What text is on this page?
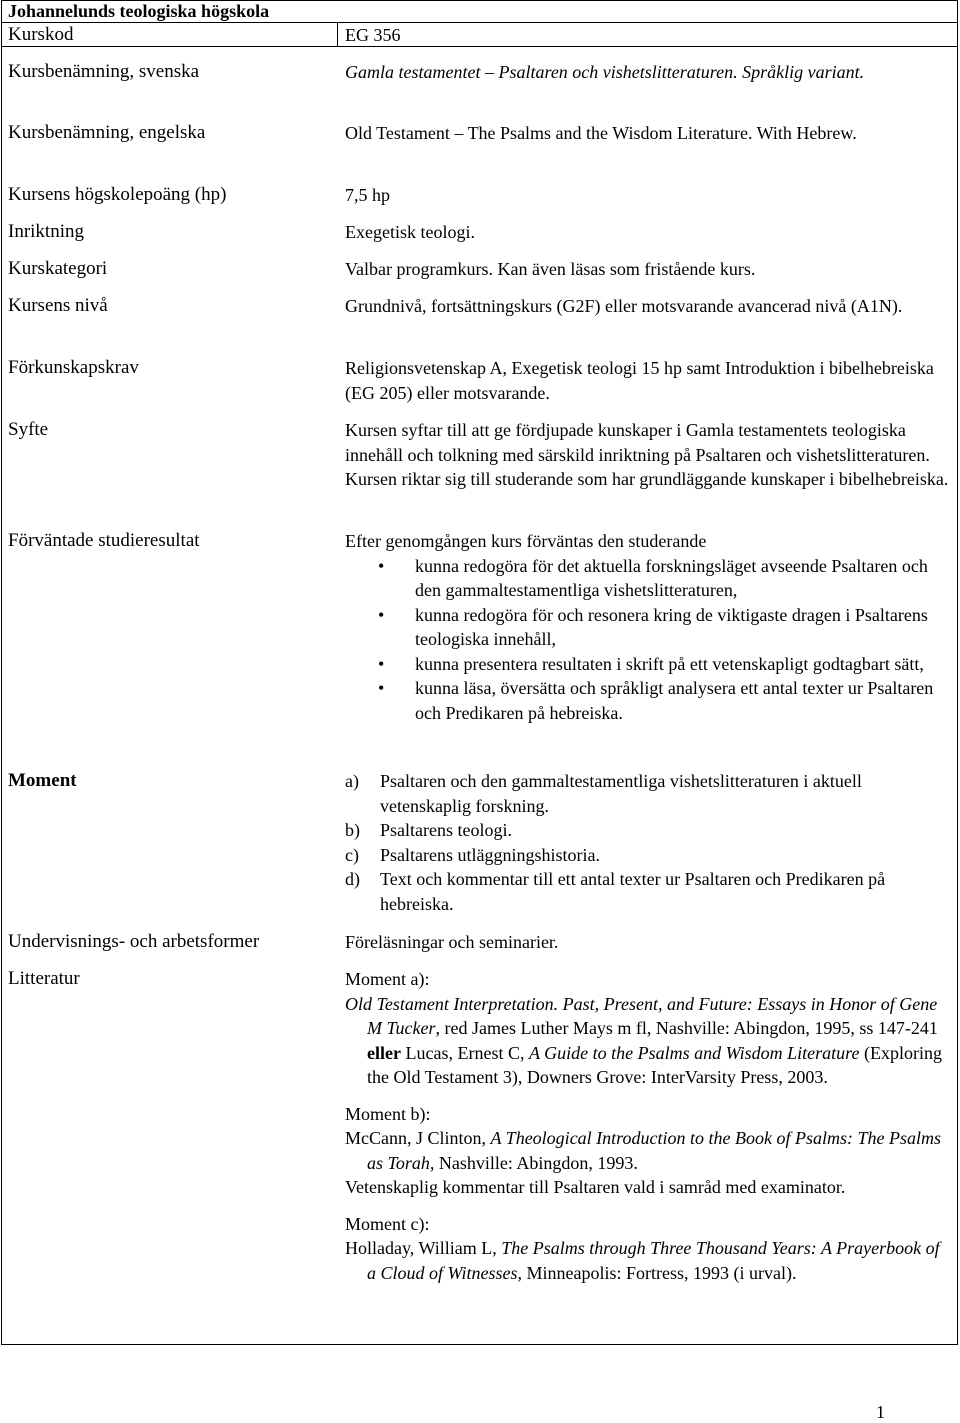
Johannelunds teologiska högskola
Kurskod	EG 356
Kursbenämning, svenska	Gamla testamentet – Psaltaren och vishetslitteraturen. Språklig variant.
Kursbenämning, engelska	Old Testament – The Psalms and the Wisdom Literature. With Hebrew.
Kursens högskolepoäng (hp)	7,5 hp
Inriktning	Exegetisk teologi.
Kurskategori	Valbar programkurs. Kan även läsas som fristående kurs.
Kursens nivå	Grundnivå, fortsättningskurs (G2F) eller motsvarande avancerad nivå (A1N).
Förkunskapskrav	Religionsvetenskap A, Exegetisk teologi 15 hp samt Introduktion i bibelhebreiska (EG 205) eller motsvarande.
Syfte	Kursen syftar till att ge fördjupade kunskaper i Gamla testamentets teologiska innehåll och tolkning med särskild inriktning på Psaltaren och vishetslitteraturen. Kursen riktar sig till studerande som har grundläggande kunskaper i bibelhebreiska.
Förväntade studieresultat	Efter genomgången kurs förväntas den studerande
• kunna redogöra för det aktuella forskningsläget avseende Psaltaren och den gammaltestamentliga vishetslitteraturen,
• kunna redogöra för och resonera kring de viktigaste dragen i Psaltarens teologiska innehåll,
• kunna presentera resultaten i skrift på ett vetenskapligt godtagbart sätt,
• kunna läsa, översätta och språkligt analysera ett antal texter ur Psaltaren och Predikaren på hebreiska.
Moment	a) Psaltaren och den gammaltestamentliga vishetslitteraturen i aktuell vetenskaplig forskning.
b) Psaltarens teologi.
c) Psaltarens utläggningshistoria.
d) Text och kommentar till ett antal texter ur Psaltaren och Predikaren på hebreiska.
Undervisnings- och arbetsformer	Föreläsningar och seminarier.
Litteratur	Moment a):
Old Testament Interpretation. Past, Present, and Future: Essays in Honor of Gene M Tucker, red James Luther Mays m fl, Nashville: Abingdon, 1995, ss 147-241 eller Lucas, Ernest C, A Guide to the Psalms and Wisdom Literature (Exploring the Old Testament 3), Downers Grove: InterVarsity Press, 2003.
Moment b):
McCann, J Clinton, A Theological Introduction to the Book of Psalms: The Psalms as Torah, Nashville: Abingdon, 1993.
Vetenskaplig kommentar till Psaltaren vald i samråd med examinator.
Moment c):
Holladay, William L, The Psalms through Three Thousand Years: A Prayerbook of a Cloud of Witnesses, Minneapolis: Fortress, 1993 (i urval).
1
